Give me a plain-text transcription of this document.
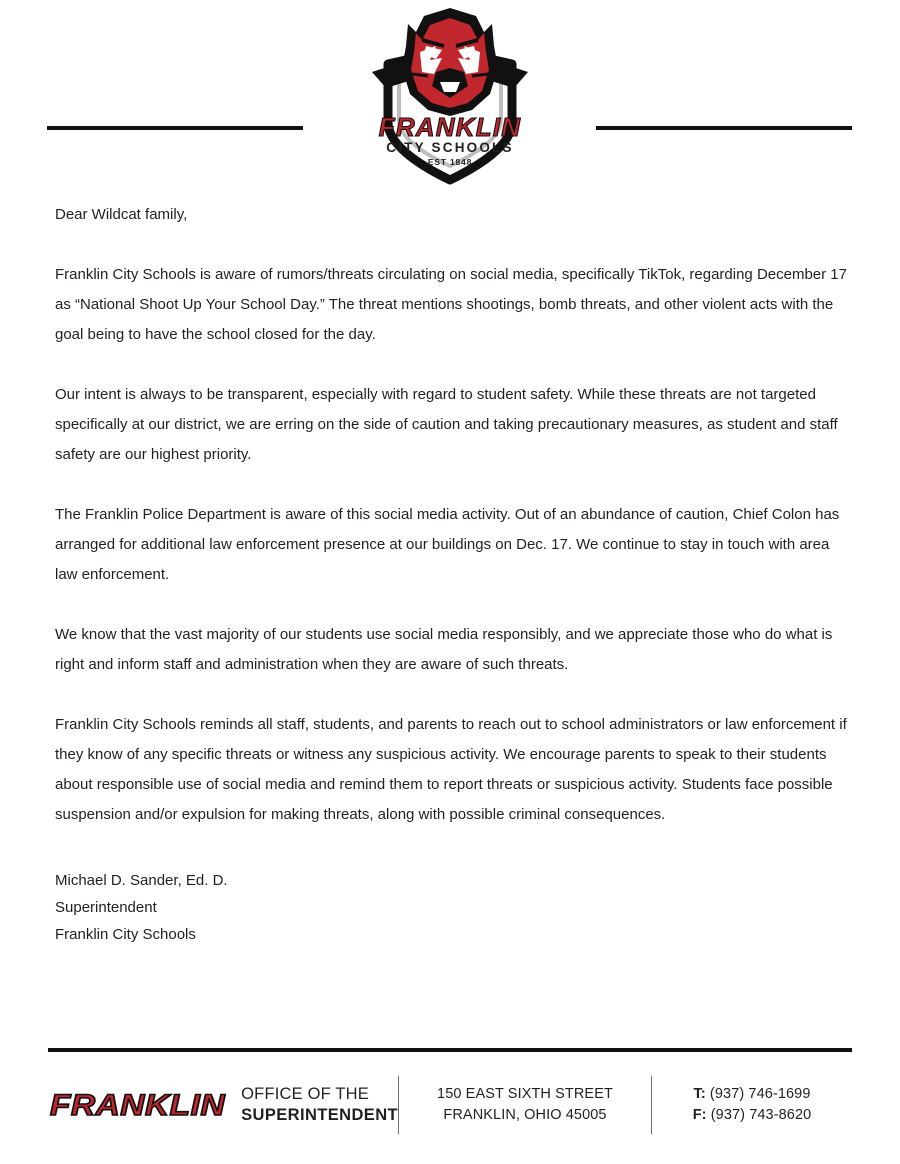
FRANKLIN
CITY SCHOOLS
EST 1848

Dear Wildcat family,

Franklin City Schools is aware of rumors/threats circulating on social media, specifically TikTok, regarding December 17 as “National Shoot Up Your School Day.” The threat mentions shootings, bomb threats, and other violent acts with the goal being to have the school closed for the day.

Our intent is always to be transparent, especially with regard to student safety. While these threats are not targeted specifically at our district, we are erring on the side of caution and taking precautionary measures, as student and staff safety are our highest priority.

The Franklin Police Department is aware of this social media activity. Out of an abundance of caution, Chief Colon has arranged for additional law enforcement presence at our buildings on Dec. 17. We continue to stay in touch with area law enforcement.

We know that the vast majority of our students use social media responsibly, and we appreciate those who do what is right and inform staff and administration when they are aware of such threats.

Franklin City Schools reminds all staff, students, and parents to reach out to school administrators or law enforcement if they know of any specific threats or witness any suspicious activity. We encourage parents to speak to their students about responsible use of social media and remind them to report threats or suspicious activity. Students face possible suspension and/or expulsion for making threats, along with possible criminal consequences.

Michael D. Sander, Ed. D.
Superintendent
Franklin City Schools
FRANKLIN OFFICE OF THE
SUPERINTENDENT
150 EAST SIXTH STREET
FRANKLIN, OHIO 45005
T: (937) 746-1699
F: (937) 743-8620
